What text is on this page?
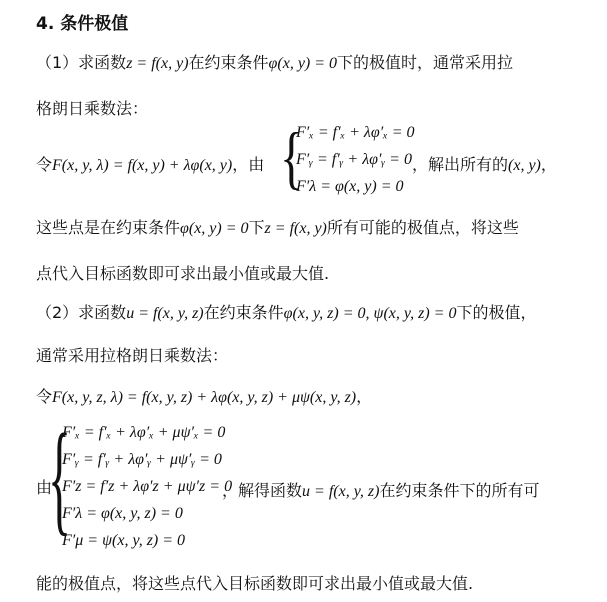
4. 条件极值
（1）求函数z = f(x, y)在约束条件φ(x, y) = 0下的极值时，通常采用拉
格朗日乘数法：
令F(x, y, λ) = f(x, y) + λφ(x, y)，由 {
F′ₓ = f′ₓ + λφ′ₓ = 0
F′ᵧ = f′ᵧ + λφ′ᵧ = 0
F′λ = φ(x, y) = 0
，解出所有的(x, y)，
这些点是在约束条件φ(x, y) = 0下z = f(x, y)所有可能的极值点，将这些
点代入目标函数即可求出最小值或最大值.
（2）求函数u = f(x, y, z)在约束条件φ(x, y, z) = 0, ψ(x, y, z) = 0下的极值，
通常采用拉格朗日乘数法：
令F(x, y, z, λ) = f(x, y, z) + λφ(x, y, z) + μψ(x, y, z)，
由
{
F′ₓ = f′ₓ + λφ′ₓ + μψ′ₓ = 0
F′ᵧ = f′ᵧ + λφ′ᵧ + μψ′ᵧ = 0
F′z = f′z + λφ′z + μψ′z = 0
F′λ = φ(x, y, z) = 0
F′μ = ψ(x, y, z) = 0
，解得函数u = f(x, y, z)在约束条件下的所有可
能的极值点，将这些点代入目标函数即可求出最小值或最大值.
